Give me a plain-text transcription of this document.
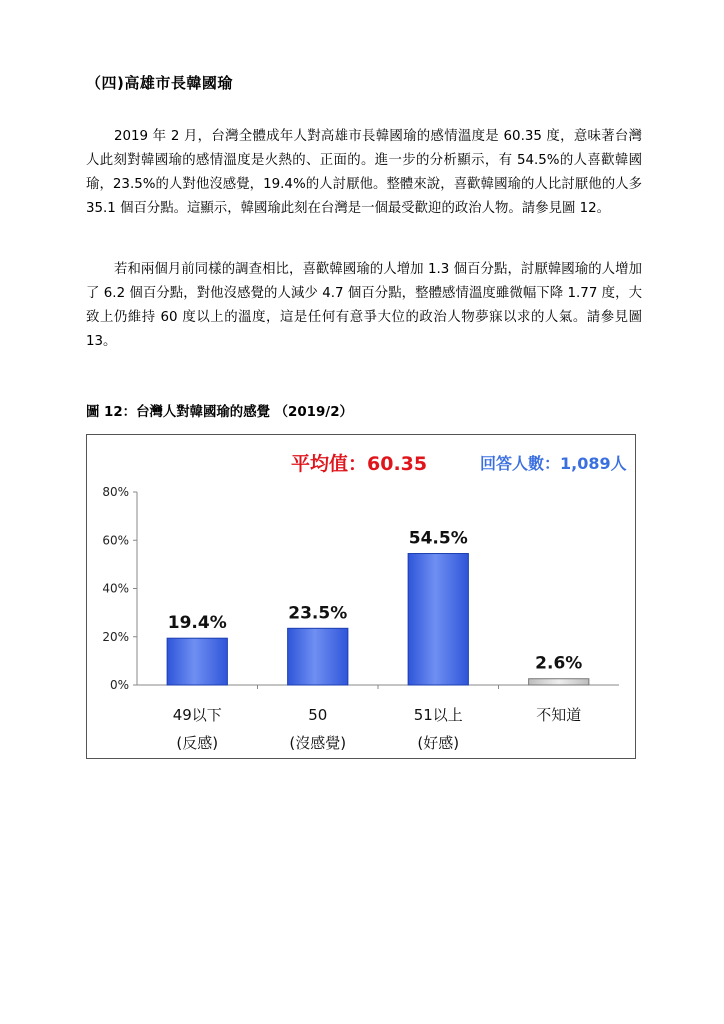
（四)高雄市長韓國瑜

2019 年 2 月，台灣全體成年人對高雄市長韓國瑜的感情溫度是 60.35 度，意味著台灣人此刻對韓國瑜的感情溫度是火熱的、正面的。進一步的分析顯示，有 54.5%的人喜歡韓國瑜，23.5%的人對他沒感覺，19.4%的人討厭他。整體來說，喜歡韓國瑜的人比討厭他的人多 35.1 個百分點。這顯示，韓國瑜此刻在台灣是一個最受歡迎的政治人物。請參見圖 12。

若和兩個月前同樣的調查相比，喜歡韓國瑜的人增加 1.3 個百分點，討厭韓國瑜的人增加了 6.2 個百分點，對他沒感覺的人減少 4.7 個百分點，整體感情溫度雖微幅下降 1.77 度，大致上仍維持 60 度以上的溫度，這是任何有意爭大位的政治人物夢寐以求的人氣。請參見圖 13。

圖 12：台灣人對韓國瑜的感覺 （2019/2）
平均值：60.35	回答人數：1,089人
0%
20%
40%
60%
80%
19.4%
49以下
(反感)
23.5%
50
(沒感覺)
54.5%
51以上
(好感)
2.6%
不知道
